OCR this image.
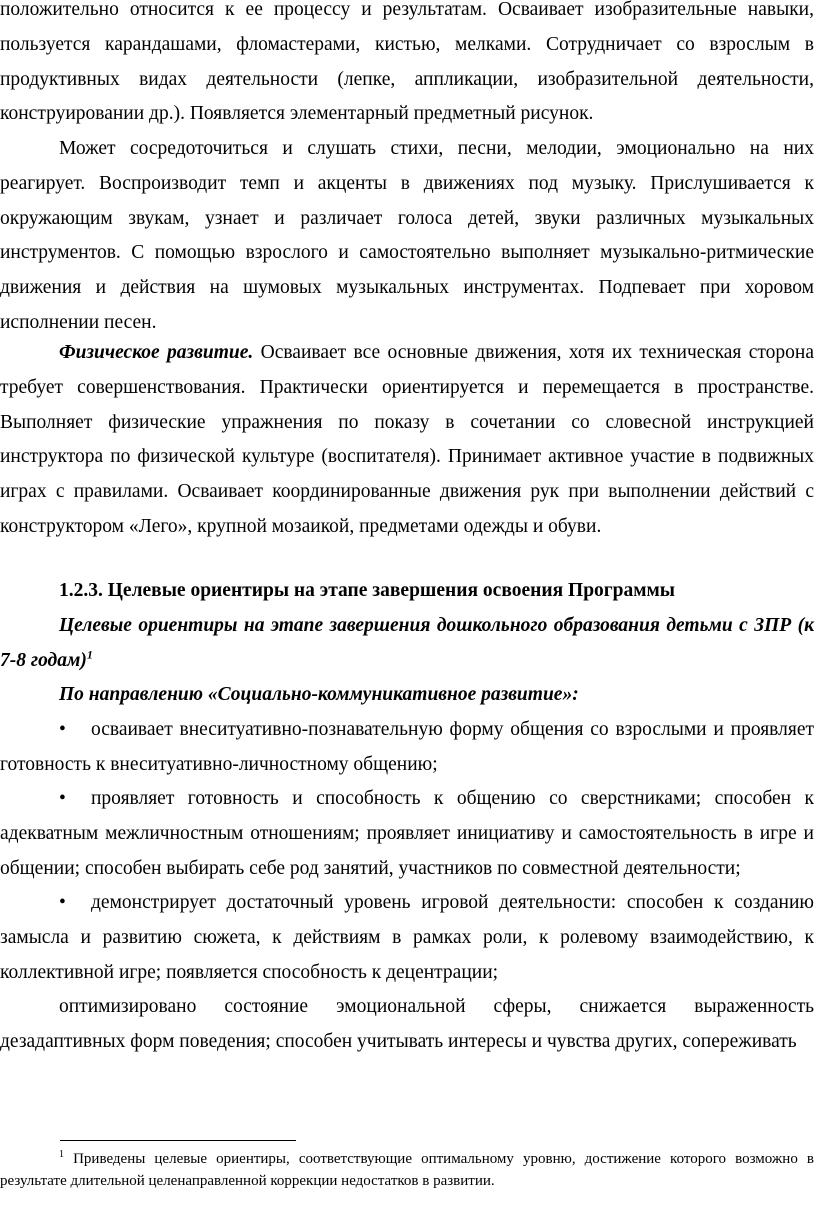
положительно относится к ее процессу и результатам. Осваивает изобразительные навыки, пользуется карандашами, фломастерами, кистью, мелками. Сотрудничает со взрослым в продуктивных видах деятельности (лепке, аппликации, изобразительной деятельности, конструировании др.). Появляется элементарный предметный рисунок.

Может сосредоточиться и слушать стихи, песни, мелодии, эмоционально на них реагирует. Воспроизводит темп и акценты в движениях под музыку. Прислушивается к окружающим звукам, узнает и различает голоса детей, звуки различных музыкальных инструментов. С помощью взрослого и самостоятельно выполняет музыкально-ритмические движения и действия на шумовых музыкальных инструментах. Подпевает при хоровом исполнении песен.

Физическое развитие. Осваивает все основные движения, хотя их техническая сторона требует совершенствования. Практически ориентируется и перемещается в пространстве. Выполняет физические упражнения по показу в сочетании со словесной инструкцией инструктора по физической культуре (воспитателя). Принимает активное участие в подвижных играх с правилами. Осваивает координированные движения рук при выполнении действий с конструктором «Лего», крупной мозаикой, предметами одежды и обуви.

1.2.3. Целевые ориентиры на этапе завершения освоения Программы

Целевые ориентиры на этапе завершения дошкольного образования детьми с ЗПР (к 7-8 годам)$^1$

По направлению «Социально-коммуникативное развитие»:

• осваивает внеситуативно-познавательную форму общения со взрослыми и проявляет готовность к внеситуативно-личностному общению;

• проявляет готовность и способность к общению со сверстниками; способен к адекватным межличностным отношениям; проявляет инициативу и самостоятельность в игре и общении; способен выбирать себе род занятий, участников по совместной деятельности;

• демонстрирует достаточный уровень игровой деятельности: способен к созданию замысла и развитию сюжета, к действиям в рамках роли, к ролевому взаимодействию, к коллективной игре; появляется способность к децентрации;

оптимизировано состояние эмоциональной сферы, снижается выраженность дезадаптивных форм поведения; способен учитывать интересы и чувства других, сопереживать

$^1$ Приведены целевые ориентиры, соответствующие оптимальному уровню, достижение которого возможно в результате длительной целенаправленной коррекции недостатков в развитии.
